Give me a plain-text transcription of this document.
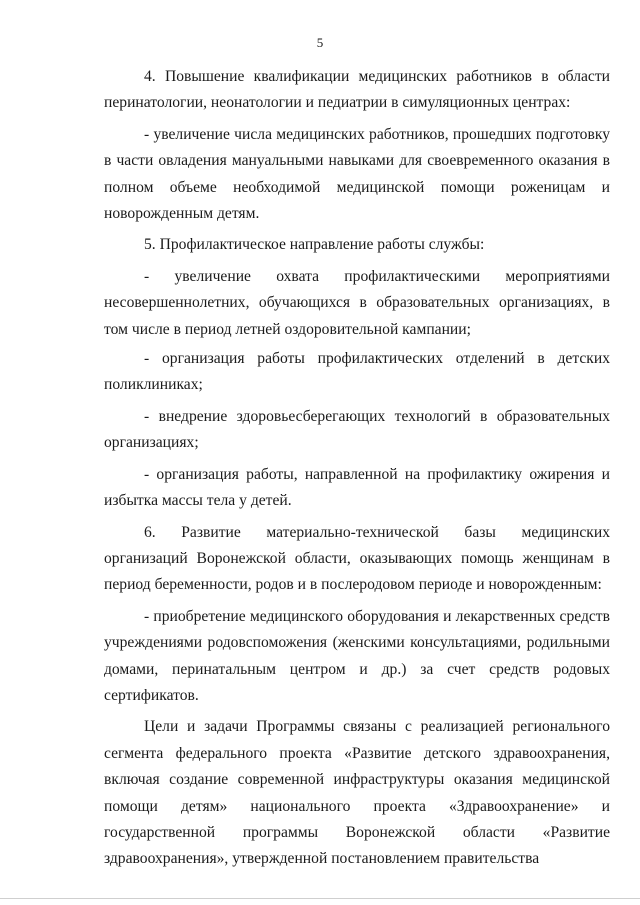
5

4. Повышение квалификации медицинских работников в области перинатологии, неонатологии и педиатрии в симуляционных центрах:

- увеличение числа медицинских работников, прошедших подготовку в части овладения мануальными навыками для своевременного оказания в полном объеме необходимой медицинской помощи роженицам и новорожденным детям.

5. Профилактическое направление работы службы:

- увеличение охвата профилактическими мероприятиями несовершеннолетних, обучающихся в образовательных организациях, в том числе в период летней оздоровительной кампании;

- организация работы профилактических отделений в детских поликлиниках;

- внедрение здоровьесберегающих технологий в образовательных организациях;

- организация работы, направленной на профилактику ожирения и избытка массы тела у детей.

6. Развитие материально-технической базы медицинских организаций Воронежской области, оказывающих помощь женщинам в период беременности, родов и в послеродовом периоде и новорожденным:

- приобретение медицинского оборудования и лекарственных средств учреждениями родовспоможения (женскими консультациями, родильными домами, перинатальным центром и др.) за счет средств родовых сертификатов.

Цели и задачи Программы связаны с реализацией регионального сегмента федерального проекта «Развитие детского здравоохранения, включая создание современной инфраструктуры оказания медицинской помощи детям» национального проекта «Здравоохранение» и государственной программы Воронежской области «Развитие здравоохранения», утвержденной постановлением правительства
